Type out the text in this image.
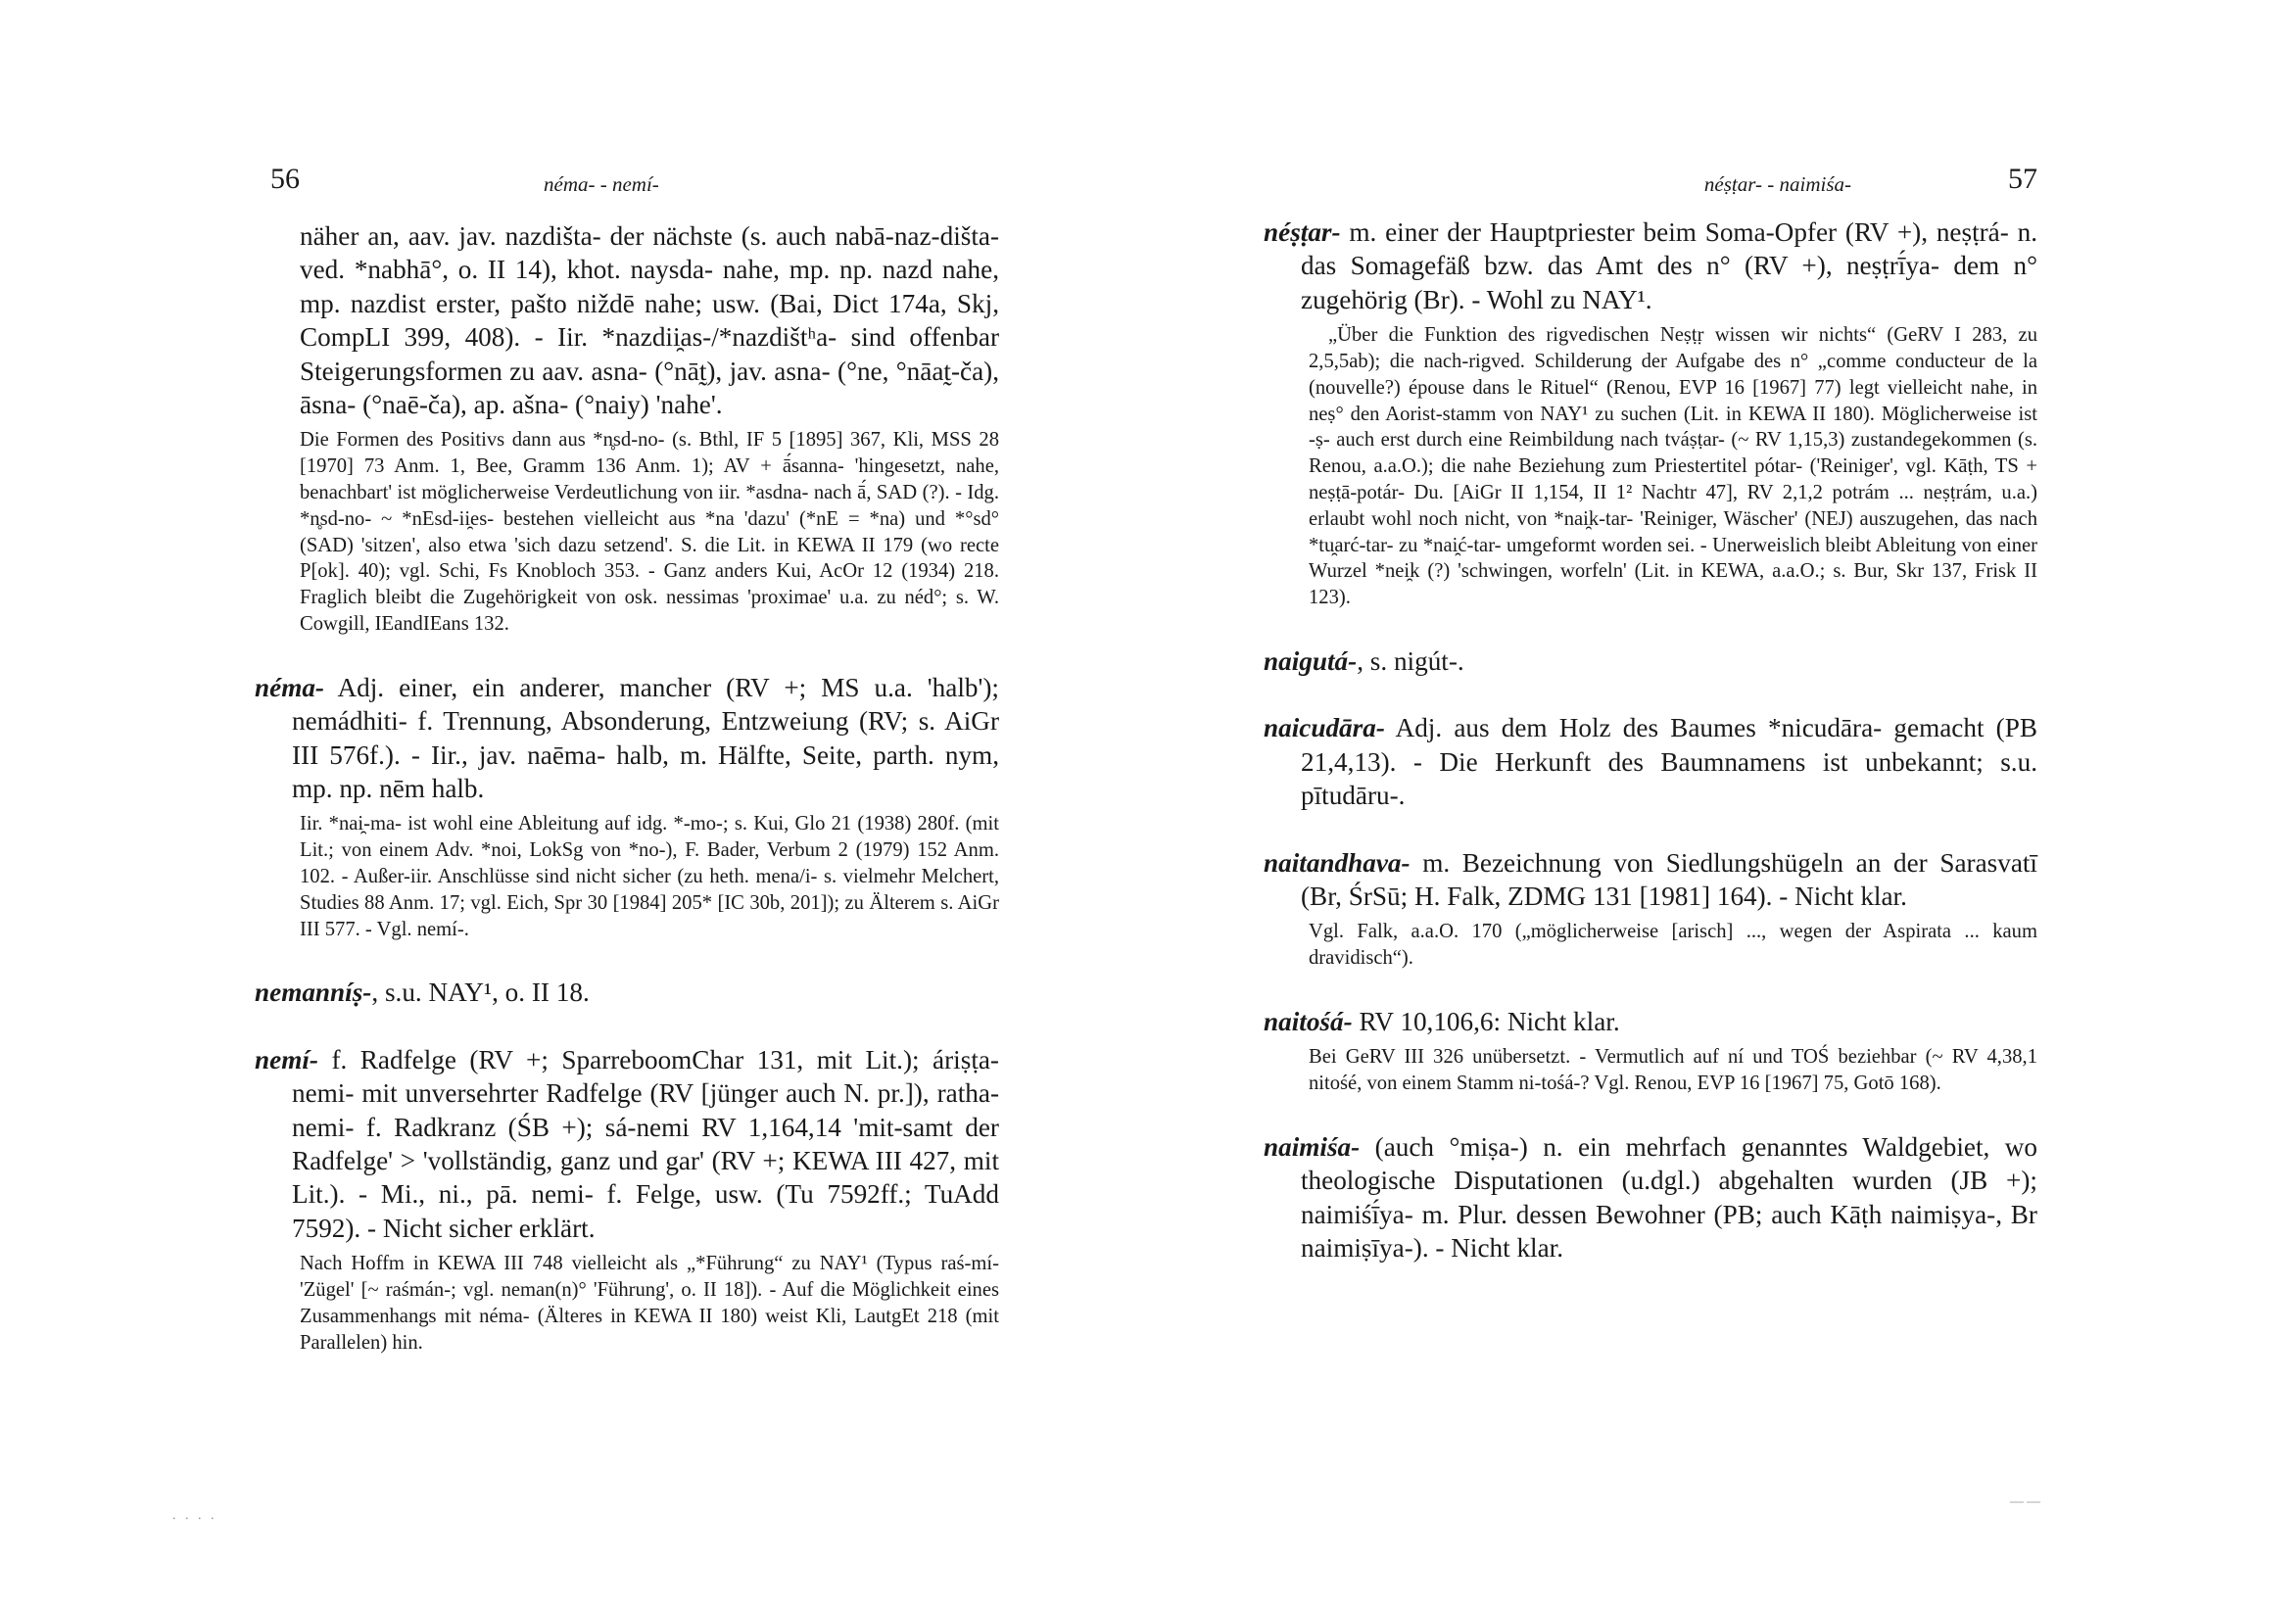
56	néma- - nemí-

näher an, aav. jav. nazdišta- der nächste (s. auch nabā-naz-dišta- ved. *nabhā°, o. II 14), khot. naysda- nahe, mp. np. nazd nahe, mp. nazdist erster, pašto niždē nahe; usw. (Bai, Dict 174a, Skj, CompLI 399, 408). - Iir. *nazdii̯as-/*nazdištʰa- sind offenbar Steigerungsformen zu aav. asna- (°nāt̰), jav. asna- (°ne, °nāat̰-ča), āsna- (°naē-ča), ap. ašna- (°naiy) 'nahe'.

Die Formen des Positivs dann aus *n̥sd-no- (s. Bthl, IF 5 [1895] 367, Kli, MSS 28 [1970] 73 Anm. 1, Bee, Gramm 136 Anm. 1); AV + ā́sanna- 'hingesetzt, nahe, benachbart' ist möglicherweise Verdeutlichung von iir. *asdna- nach ā́, SAD (?). - Idg. *n̥sd-no- ~ *nEsd-ii̯es- bestehen vielleicht aus *na 'dazu' (*nE = *na) und *°sd° (SAD) 'sitzen', also etwa 'sich dazu setzend'. S. die Lit. in KEWA II 179 (wo recte P[ok]. 40); vgl. Schi, Fs Knobloch 353. - Ganz anders Kui, AcOr 12 (1934) 218. Fraglich bleibt die Zugehörigkeit von osk. nessimas 'proximae' u.a. zu néd°; s. W. Cowgill, IEandIEans 132.

néma- Adj. einer, ein anderer, mancher (RV +; MS u.a. 'halb'); nemádhiti- f. Trennung, Absonderung, Entzweiung (RV; s. AiGr III 576f.). - Iir., jav. naēma- halb, m. Hälfte, Seite, parth. nym, mp. np. nēm halb.

Iir. *nai̯-ma- ist wohl eine Ableitung auf idg. *-mo-; s. Kui, Glo 21 (1938) 280f. (mit Lit.; von einem Adv. *noi, LokSg von *no-), F. Bader, Verbum 2 (1979) 152 Anm. 102. - Außer-iir. Anschlüsse sind nicht sicher (zu heth. mena/i- s. vielmehr Melchert, Studies 88 Anm. 17; vgl. Eich, Spr 30 [1984] 205* [IC 30b, 201]); zu Älterem s. AiGr III 577. - Vgl. nemí-.

nemanníṣ-, s.u. NAY¹, o. II 18.

nemí- f. Radfelge (RV +; SparreboomChar 131, mit Lit.); áriṣṭa-nemi- mit unversehrter Radfelge (RV [jünger auch N. pr.]), ratha-nemi- f. Radkranz (ŚB +); sá-nemi RV 1,164,14 'mit-samt der Radfelge' > 'vollständig, ganz und gar' (RV +; KEWA III 427, mit Lit.). - Mi., ni., pā. nemi- f. Felge, usw. (Tu 7592ff.; TuAdd 7592). - Nicht sicher erklärt.

Nach Hoffm in KEWA III 748 vielleicht als „*Führung“ zu NAY¹ (Typus raś-mí- 'Zügel' [~ raśmán-; vgl. neman(n)° 'Führung', o. II 18]). - Auf die Möglichkeit eines Zusammenhangs mit néma- (Älteres in KEWA II 180) weist Kli, LautgEt 218 (mit Parallelen) hin.

néṣṭar- - naimiśa-	57

néṣṭar- m. einer der Hauptpriester beim Soma-Opfer (RV +), neṣṭrá- n. das Somagefäß bzw. das Amt des n° (RV +), neṣṭrī́ya- dem n° zugehörig (Br). - Wohl zu NAY¹.

„Über die Funktion des rigvedischen Neṣṭṛ wissen wir nichts“ (GeRV I 283, zu 2,5,5ab); die nach-rigved. Schilderung der Aufgabe des n° „comme conducteur de la (nouvelle?) épouse dans le Rituel“ (Renou, EVP 16 [1967] 77) legt vielleicht nahe, in neṣ° den Aorist-stamm von NAY¹ zu suchen (Lit. in KEWA II 180). Möglicherweise ist -ṣ- auch erst durch eine Reimbildung nach tváṣṭar- (~ RV 1,15,3) zustandegekommen (s. Renou, a.a.O.); die nahe Beziehung zum Priestertitel pótar- ('Reiniger', vgl. Kāṭh, TS + neṣṭā-potár- Du. [AiGr II 1,154, II 1² Nachtr 47], RV 2,1,2 potrám ... neṣṭrám, u.a.) erlaubt wohl noch nicht, von *nai̯k-tar- 'Reiniger, Wäscher' (NEJ) auszugehen, das nach *tu̯arć-tar- zu *nai̯ć-tar- umgeformt worden sei. - Unerweislich bleibt Ableitung von einer Wurzel *nei̯k (?) 'schwingen, worfeln' (Lit. in KEWA, a.a.O.; s. Bur, Skr 137, Frisk II 123).

naigutá-, s. nigút-.

naicudāra- Adj. aus dem Holz des Baumes *nicudāra- gemacht (PB 21,4,13). - Die Herkunft des Baumnamens ist unbekannt; s.u. pītudāru-.

naitandhava- m. Bezeichnung von Siedlungshügeln an der Sarasvatī (Br, ŚrSū; H. Falk, ZDMG 131 [1981] 164). - Nicht klar.

Vgl. Falk, a.a.O. 170 („möglicherweise [arisch] ..., wegen der Aspirata ... kaum dravidisch“).

naitośá- RV 10,106,6: Nicht klar.

Bei GeRV III 326 unübersetzt. - Vermutlich auf ní und TOŚ beziehbar (~ RV 4,38,1 nitośé, von einem Stamm ni-tośá-? Vgl. Renou, EVP 16 [1967] 75, Gotō 168).

naimiśa- (auch °miṣa-) n. ein mehrfach genanntes Waldgebiet, wo theologische Disputationen (u.dgl.) abgehalten wurden (JB +); naimiśī́ya- m. Plur. dessen Bewohner (PB; auch Kāṭh naimiṣya-, Br naimiṣīya-). - Nicht klar.

. . . .
——
